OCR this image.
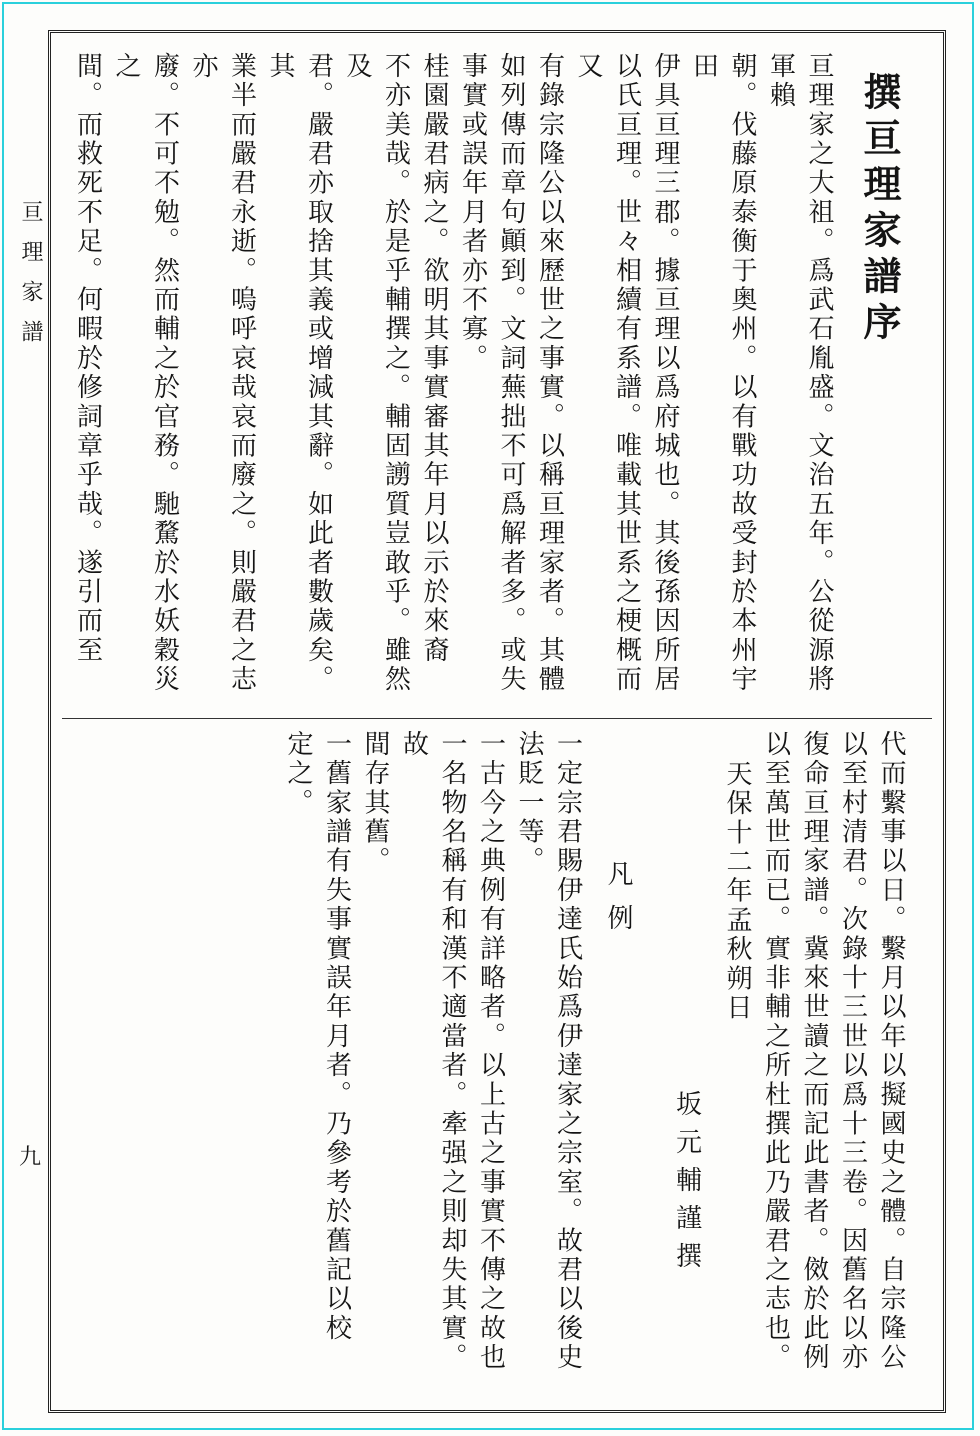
亘理家譜
九
撰亘理家譜序
亘理家之大祖。爲武石胤盛。文治五年。公從源將軍賴
朝。伐藤原泰衡于奥州。以有戰功故受封於本州宇田
伊具亘理三郡。據亘理以爲府城也。其後孫因所居
以氏亘理。世々相續有系譜。唯載其世系之梗概而又
有錄宗隆公以來歷世之事實。以稱亘理家者。其體
如列傳而章句顚到。文詞蕪拙不可爲解者多。或失
事實或誤年月者亦不寡。
桂園嚴君病之。欲明其事實審其年月以示於來裔
不亦美哉。於是乎輔撰之。輔固謭質豈敢乎。雖然及
君。嚴君亦取捨其義或增減其辭。如此者數歲矣。其
業半而嚴君永逝。嗚呼哀哉哀而廢之。則嚴君之志亦
廢。不可不勉。然而輔之於官務。馳騖於水妖穀災之
間。而救死不足。何暇於修詞章乎哉。遂引而至
代而繫事以日。繫月以年以擬國史之體。自宗隆公
以至村清君。次錄十三世以爲十三卷。因舊名以亦
復命亘理家譜。冀來世讀之而記此書者。傚於此例
以至萬世而已。實非輔之所杜撰此乃嚴君之志也。
天保十二年孟秋朔日
坂元輔謹撰
凡例
一定宗君賜伊達氏始爲伊達家之宗室。故君以後史
法貶一等。
一古今之典例有詳略者。以上古之事實不傳之故也
一名物名稱有和漢不適當者。牽强之則却失其實。故
間存其舊。
一舊家譜有失事實誤年月者。乃參考於舊記以校
定之。
